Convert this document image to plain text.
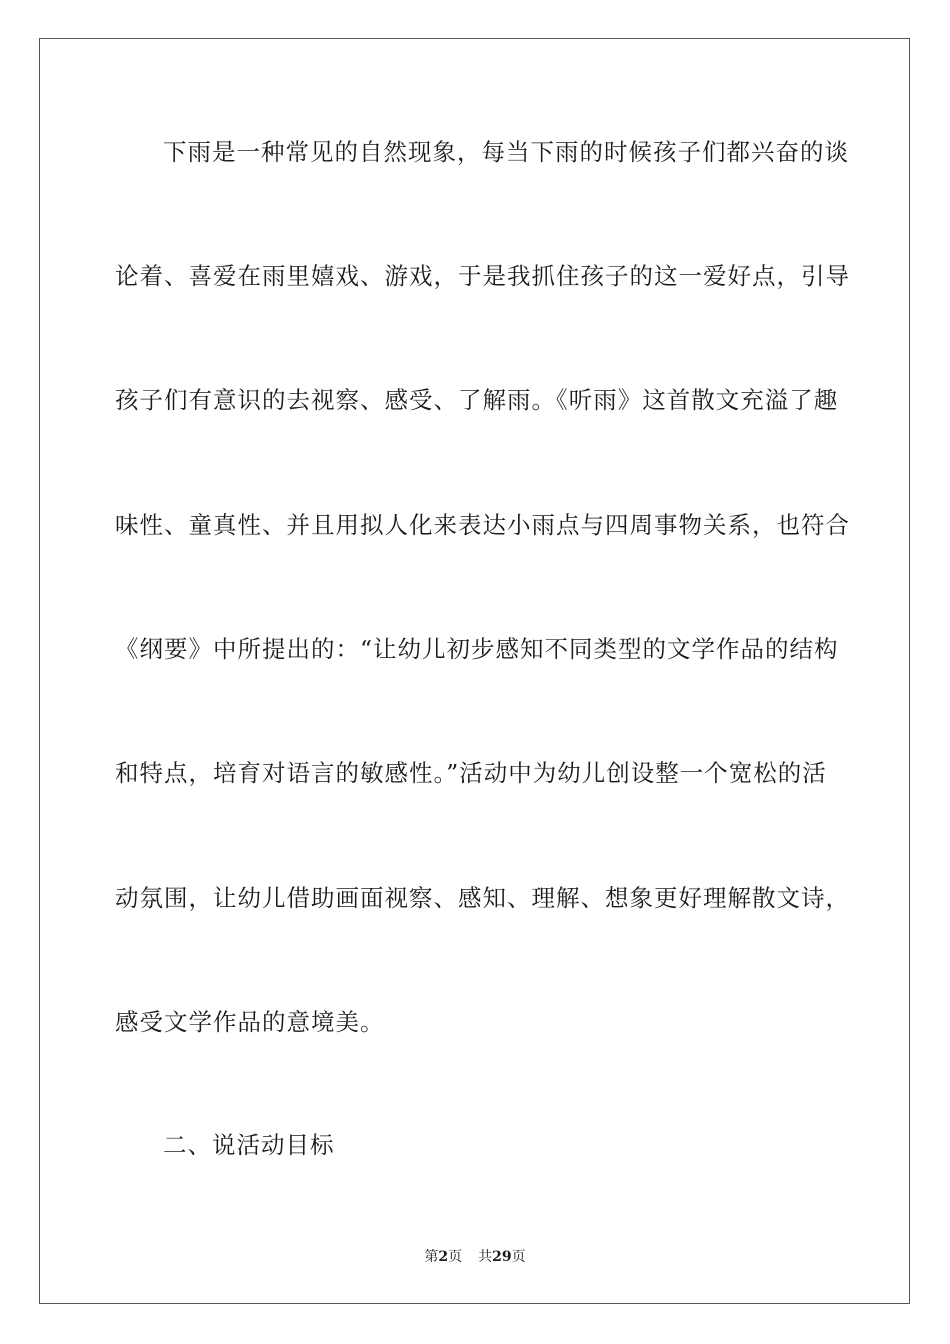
下雨是一种常见的自然现象，每当下雨的时候孩子们都兴奋的谈
论着、喜爱在雨里嬉戏、游戏，于是我抓住孩子的这一爱好点，引导
孩子们有意识的去视察、感受、了解雨。《听雨》这首散文充溢了趣
味性、童真性、并且用拟人化来表达小雨点与四周事物关系，也符合
《纲要》中所提出的：“让幼儿初步感知不同类型的文学作品的结构
和特点，培育对语言的敏感性。”活动中为幼儿创设整一个宽松的活
动氛围，让幼儿借助画面视察、感知、理解、想象更好理解散文诗，
感受文学作品的意境美。
二、说活动目标
第2页 共29页
